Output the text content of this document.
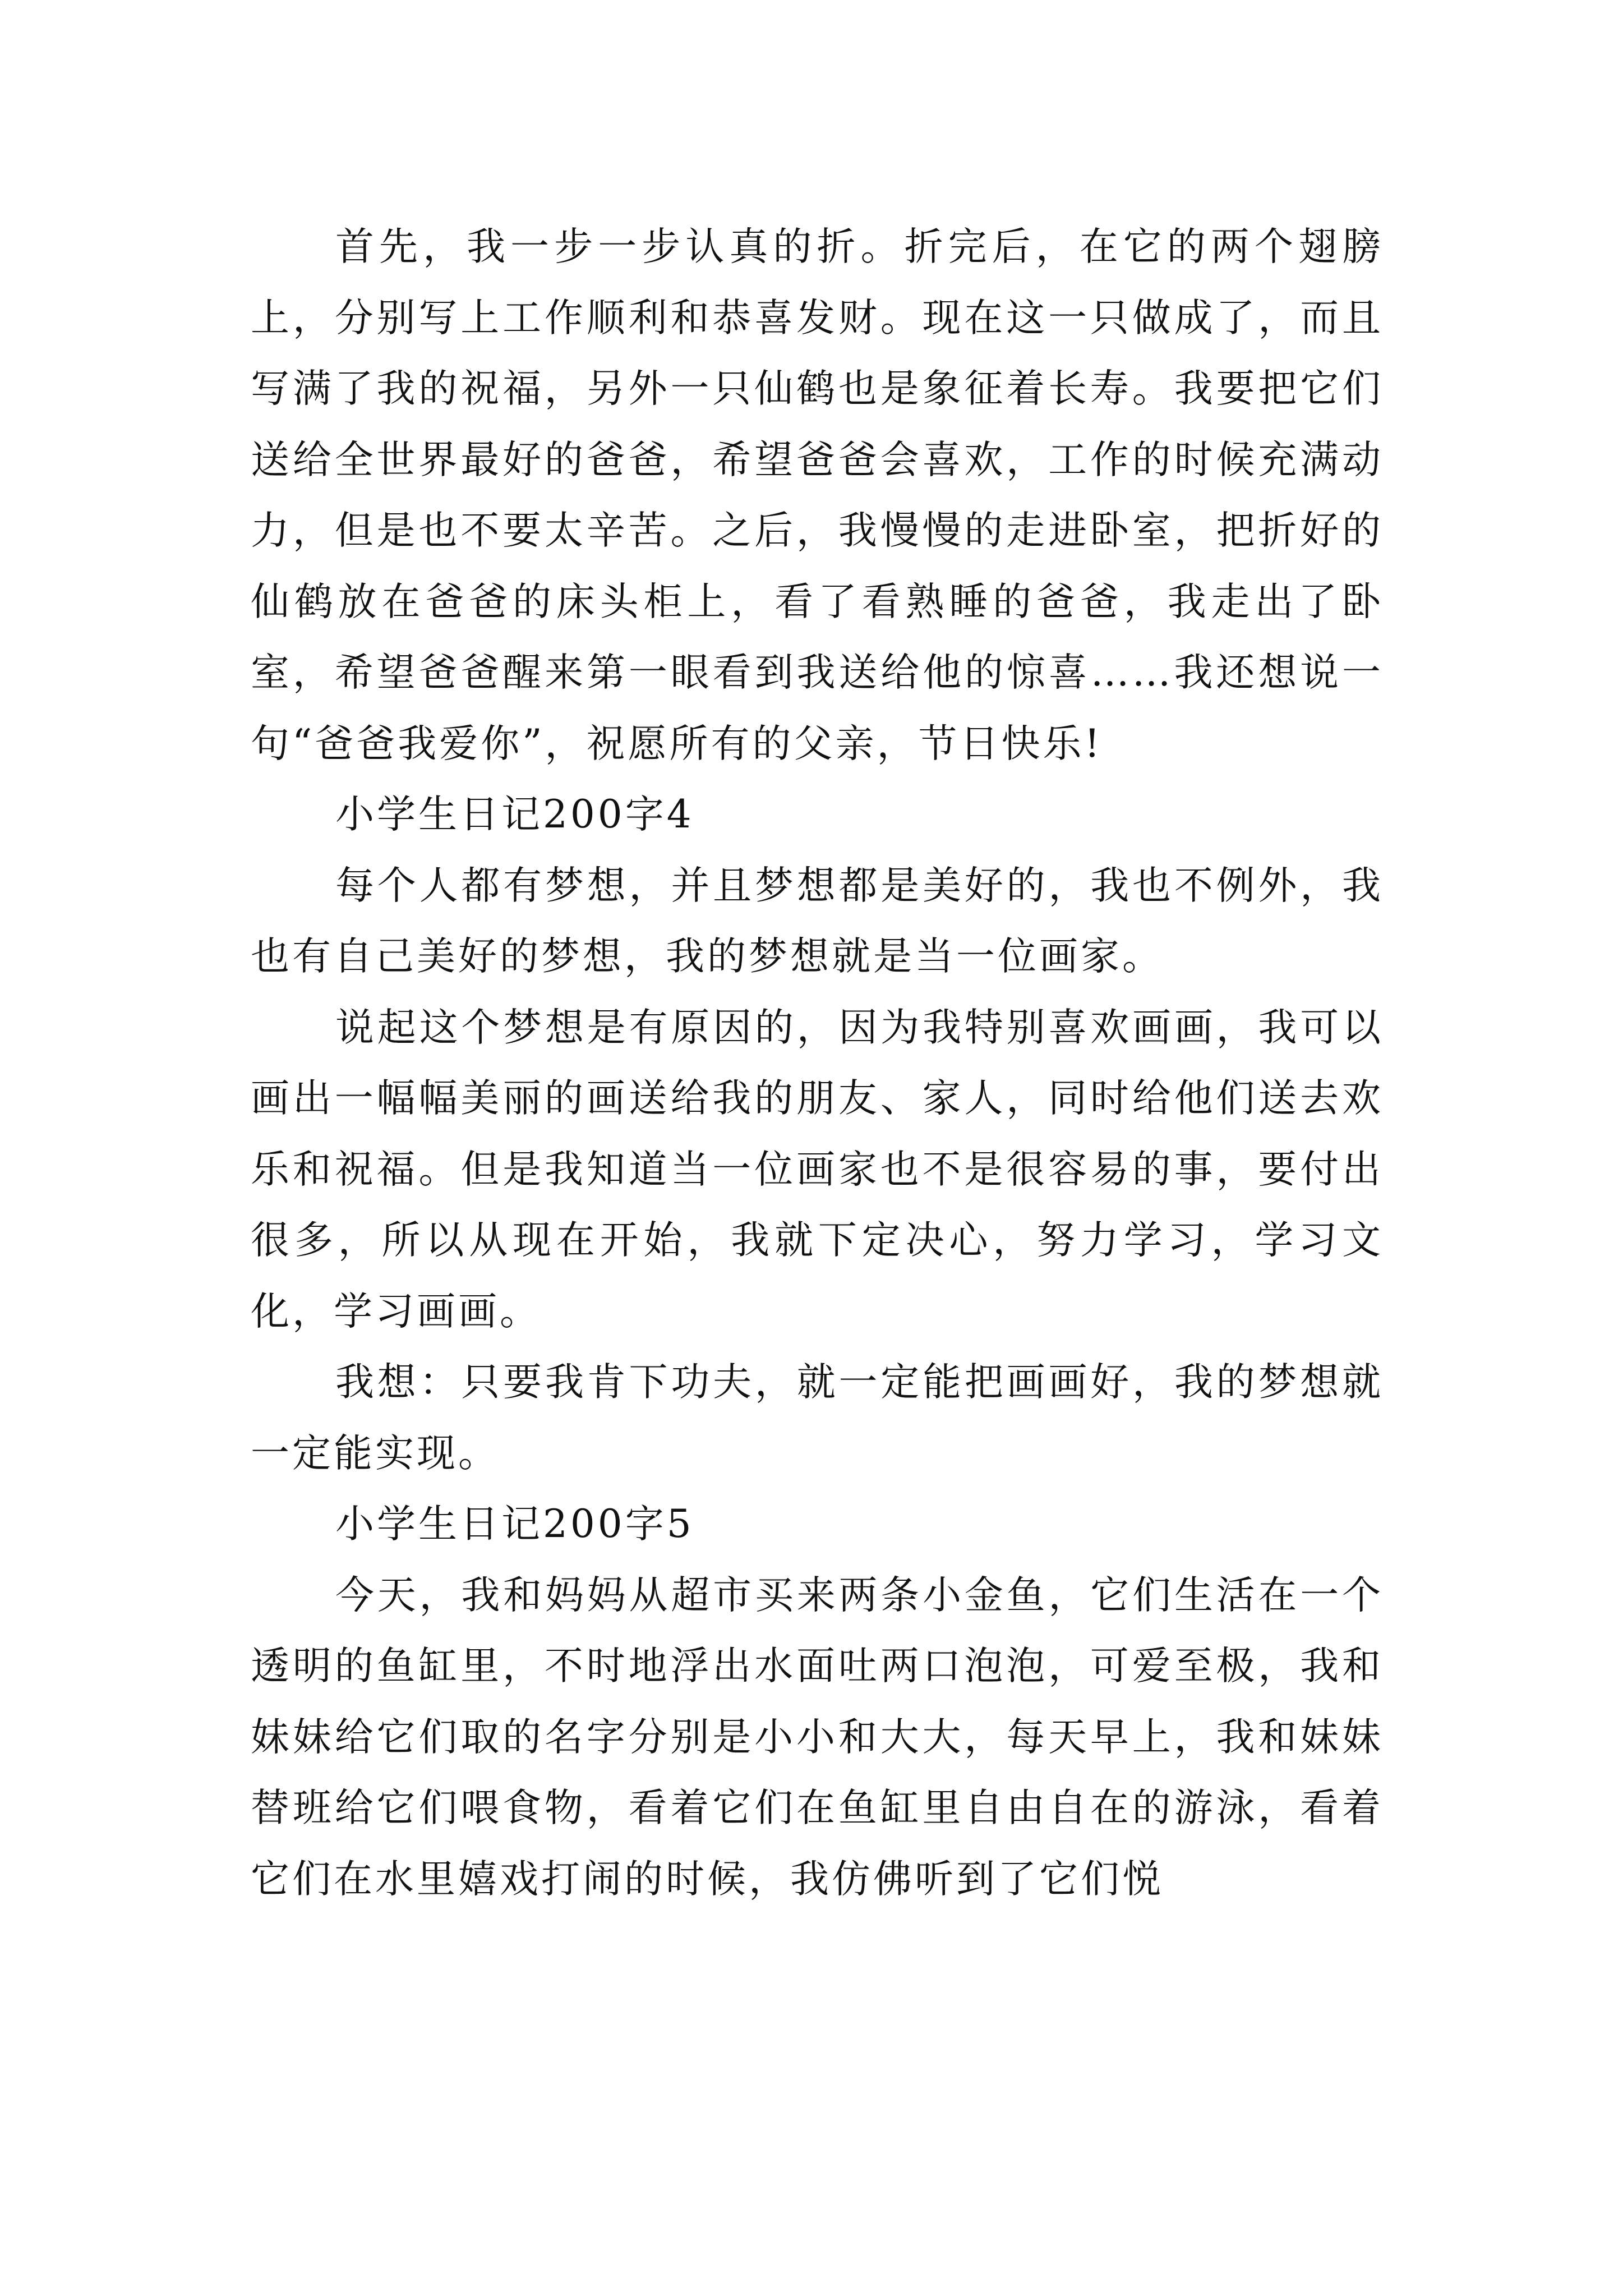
首先，我一步一步认真的折。折完后，在它的两个翅膀上，分别写上工作顺利和恭喜发财。现在这一只做成了，而且写满了我的祝福，另外一只仙鹤也是象征着长寿。我要把它们送给全世界最好的爸爸，希望爸爸会喜欢，工作的时候充满动力，但是也不要太辛苦。之后，我慢慢的走进卧室，把折好的仙鹤放在爸爸的床头柜上，看了看熟睡的爸爸，我走出了卧室，希望爸爸醒来第一眼看到我送给他的惊喜……我还想说一句“爸爸我爱你”，祝愿所有的父亲，节日快乐!

小学生日记200字4

每个人都有梦想，并且梦想都是美好的，我也不例外，我也有自己美好的梦想，我的梦想就是当一位画家。

说起这个梦想是有原因的，因为我特别喜欢画画，我可以画出一幅幅美丽的画送给我的朋友、家人，同时给他们送去欢乐和祝福。但是我知道当一位画家也不是很容易的事，要付出很多，所以从现在开始，我就下定决心，努力学习，学习文化，学习画画。

我想：只要我肯下功夫，就一定能把画画好，我的梦想就一定能实现。

小学生日记200字5

今天，我和妈妈从超市买来两条小金鱼，它们生活在一个透明的鱼缸里，不时地浮出水面吐两口泡泡，可爱至极，我和妹妹给它们取的名字分别是小小和大大，每天早上，我和妹妹替班给它们喂食物，看着它们在鱼缸里自由自在的游泳，看着它们在水里嬉戏打闹的时候，我仿佛听到了它们悦
